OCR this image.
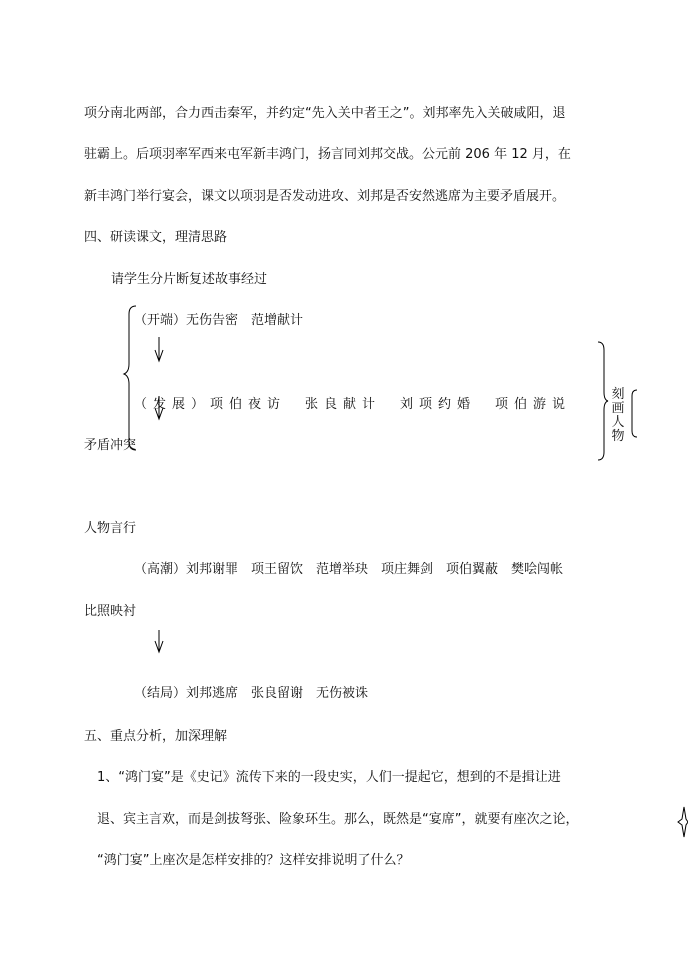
项分南北两部，合力西击秦军，并约定“先入关中者王之”。刘邦率先入关破咸阳，退
驻霸上。后项羽率军西来屯军新丰鸿门，扬言同刘邦交战。公元前 206 年 12 月，在
新丰鸿门举行宴会，课文以项羽是否发动进攻、刘邦是否安然逃席为主要矛盾展开。
四、研读课文，理清思路
请学生分片断复述故事经过
（开端）无伤告密　范增献计
（发展）项伯夜访　张良献计　刘项约婚　项伯游说
矛盾冲突
刻画人物
人物言行
（高潮）刘邦谢罪　项王留饮　范增举玦　项庄舞剑　项伯翼蔽　樊哙闯帐
比照映衬
（结局）刘邦逃席　张良留谢　无伤被诛
五、重点分析，加深理解
1、“鸿门宴”是《史记》流传下来的一段史实，人们一提起它，想到的不是揖让进
退、宾主言欢，而是剑拔弩张、险象环生。那么，既然是“宴席”，就要有座次之论，
“鸿门宴”上座次是怎样安排的？这样安排说明了什么？
